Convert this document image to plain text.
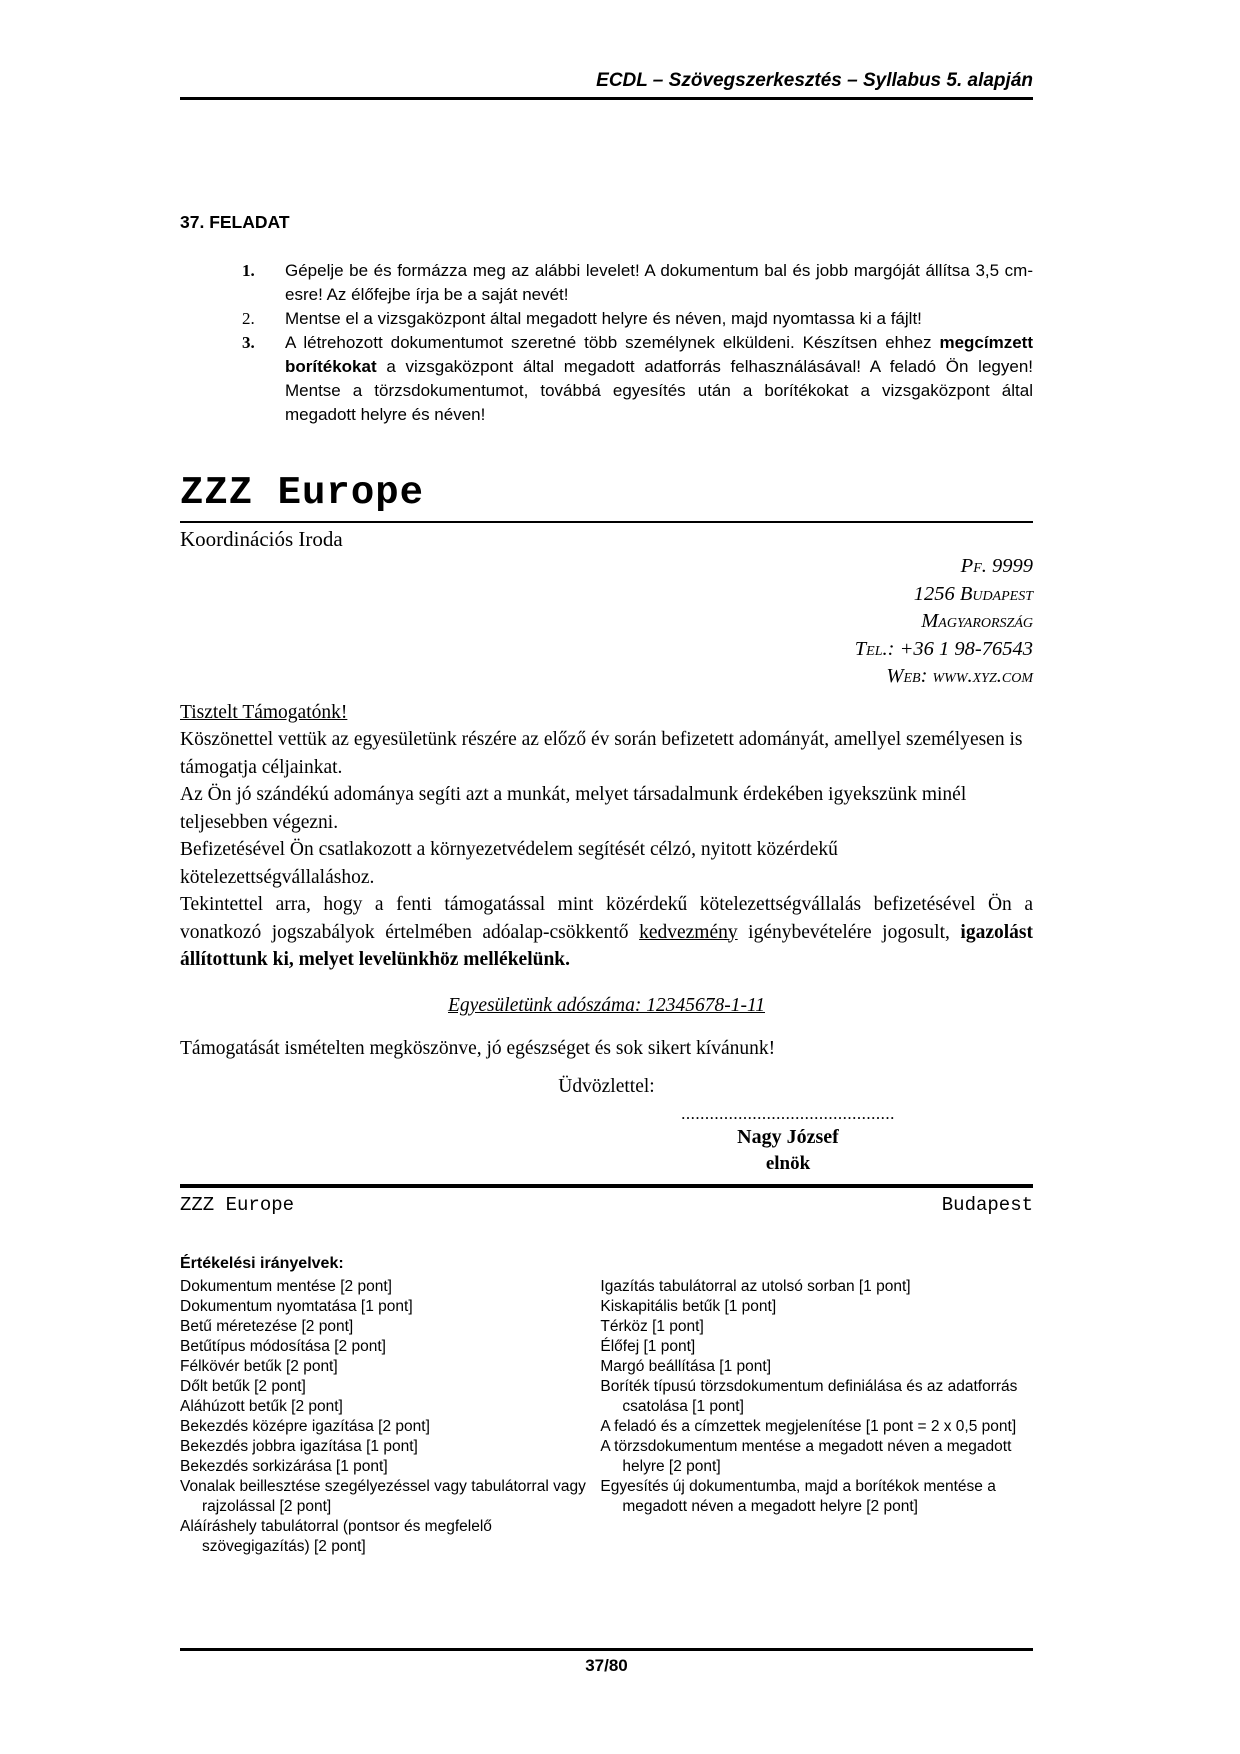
ECDL – Szövegszerkesztés – Syllabus 5. alapján
37. FELADAT
1. Gépelje be és formázza meg az alábbi levelet! A dokumentum bal és jobb margóját állítsa 3,5 cm-esre! Az élőfejbe írja be a saját nevét!
2. Mentse el a vizsgaközpont által megadott helyre és néven, majd nyomtassa ki a fájlt!
3. A létrehozott dokumentumot szeretné több személynek elküldeni. Készítsen ehhez megcímzett borítékokat a vizsgaközpont által megadott adatforrás felhasználásával! A feladó Ön legyen! Mentse a törzsdokumentumot, továbbá egyesítés után a borítékokat a vizsgaközpont által megadott helyre és néven!
ZZZ Europe
Koordinációs Iroda
Pf. 9999
1256 Budapest
Magyarország
Tel.: +36 1 98-76543
Web: www.xyz.com

Tisztelt Támogatónk!

Köszönettel vettük az egyesületünk részére az előző év során befizetett adományát, amellyel személyesen is támogatja céljainkat.

Az Ön jó szándékú adománya segíti azt a munkát, melyet társadalmunk érdekében igyekszünk minél teljesebben végezni.

Befizetésével Ön csatlakozott a környezetvédelem segítését célzó, nyitott közérdekű kötelezettségvállaláshoz.

Tekintettel arra, hogy a fenti támogatással mint közérdekű kötelezettségvállalás befizetésével Ön a vonatkozó jogszabályok értelmében adóalap-csökkentő kedvezmény igénybevételére jogosult, igazolást állítottunk ki, melyet levelünkhöz mellékelünk.

Egyesületünk adószáma: 12345678-1-11

Támogatását ismételten megköszönve, jó egészséget és sok sikert kívánunk!

Üdvözlettel:

.............................................
Nagy József
elnök
ZZZ Europe	Budapest
Értékelési irányelvek:
Dokumentum mentése [2 pont]
Dokumentum nyomtatása [1 pont]
Betű méretezése [2 pont]
Betűtípus módosítása [2 pont]
Félkövér betűk [2 pont]
Dőlt betűk [2 pont]
Aláhúzott betűk [2 pont]
Bekezdés középre igazítása [2 pont]
Bekezdés jobbra igazítása [1 pont]
Bekezdés sorkizárása [1 pont]
Vonalak beillesztése szegélyezéssel vagy tabulátorral vagy rajzolással [2 pont]
Aláíráshely tabulátorral (pontsor és megfelelő szövegigazítás) [2 pont]
Igazítás tabulátorral az utolsó sorban [1 pont]
Kiskapitális betűk [1 pont]
Térköz [1 pont]
Élőfej [1 pont]
Margó beállítása [1 pont]
Boríték típusú törzsdokumentum definiálása és az adatforrás csatolása [1 pont]
A feladó és a címzettek megjelenítése [1 pont = 2 x 0,5 pont]
A törzsdokumentum mentése a megadott néven a megadott helyre [2 pont]
Egyesítés új dokumentumba, majd a borítékok mentése a megadott néven a megadott helyre [2 pont]
37/80
